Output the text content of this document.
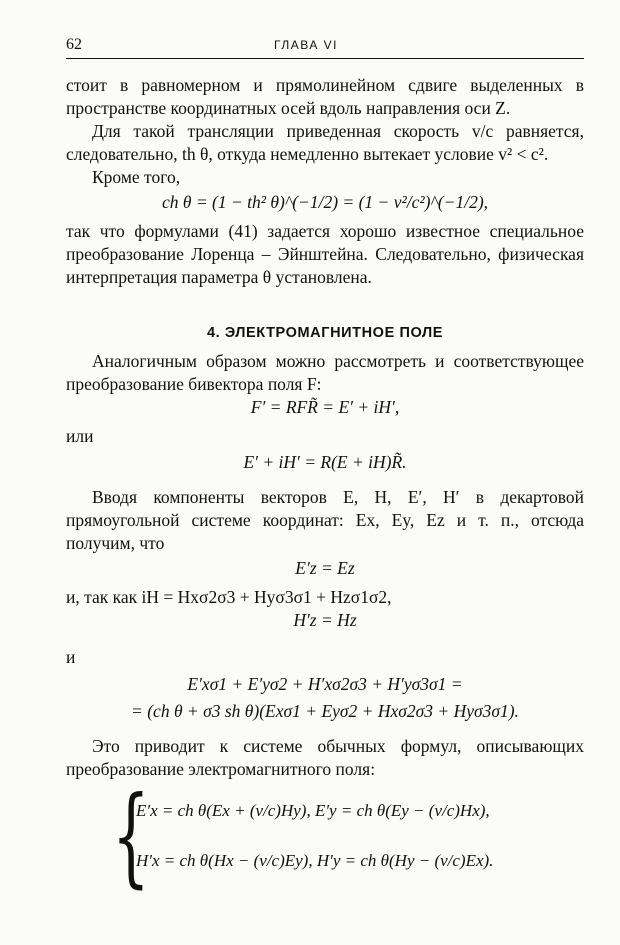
62	ГЛАВА VI

стоит в равномерном и прямолинейном сдвиге выделенных в пространстве координатных осей вдоль направления оси Z.

Для такой трансляции приведенная скорость v/c равняется, следовательно, th θ, откуда немедленно вытекает условие v² < c².

Кроме того,

ch θ = (1 − th² θ)^(−1/2) = (1 − v²/c²)^(−1/2),

так что формулами (41) задается хорошо известное специальное преобразование Лоренца – Эйнштейна. Следовательно, физическая интерпретация параметра θ установлена.

4. ЭЛЕКТРОМАГНИТНОЕ ПОЛЕ

Аналогичным образом можно рассмотреть и соответствующее преобразование бивектора поля F:

F′ = RFR̃ = E′ + iH′,

или

E′ + iH′ = R(E + iH)R̃.

Вводя компоненты векторов E, H, E′, H′ в декартовой прямоугольной системе координат: Ex, Ey, Ez и т. п., отсюда получим, что

E′z = Ez

и, так как iH = Hxσ2σ3 + Hyσ3σ1 + Hzσ1σ2,

H′z = Hz

и

E′xσ1 + E′yσ2 + H′xσ2σ3 + H′yσ3σ1 =
= (ch θ + σ3 sh θ)(Exσ1 + Eyσ2 + Hxσ2σ3 + Hyσ3σ1).

Это приводит к системе обычных формул, описывающих преобразование электромагнитного поля:

{
E′x = ch θ(Ex + (v/c)Hy), E′y = ch θ(Ey − (v/c)Hx),
H′x = ch θ(Hx − (v/c)Ey), H′y = ch θ(Hy − (v/c)Ex).
